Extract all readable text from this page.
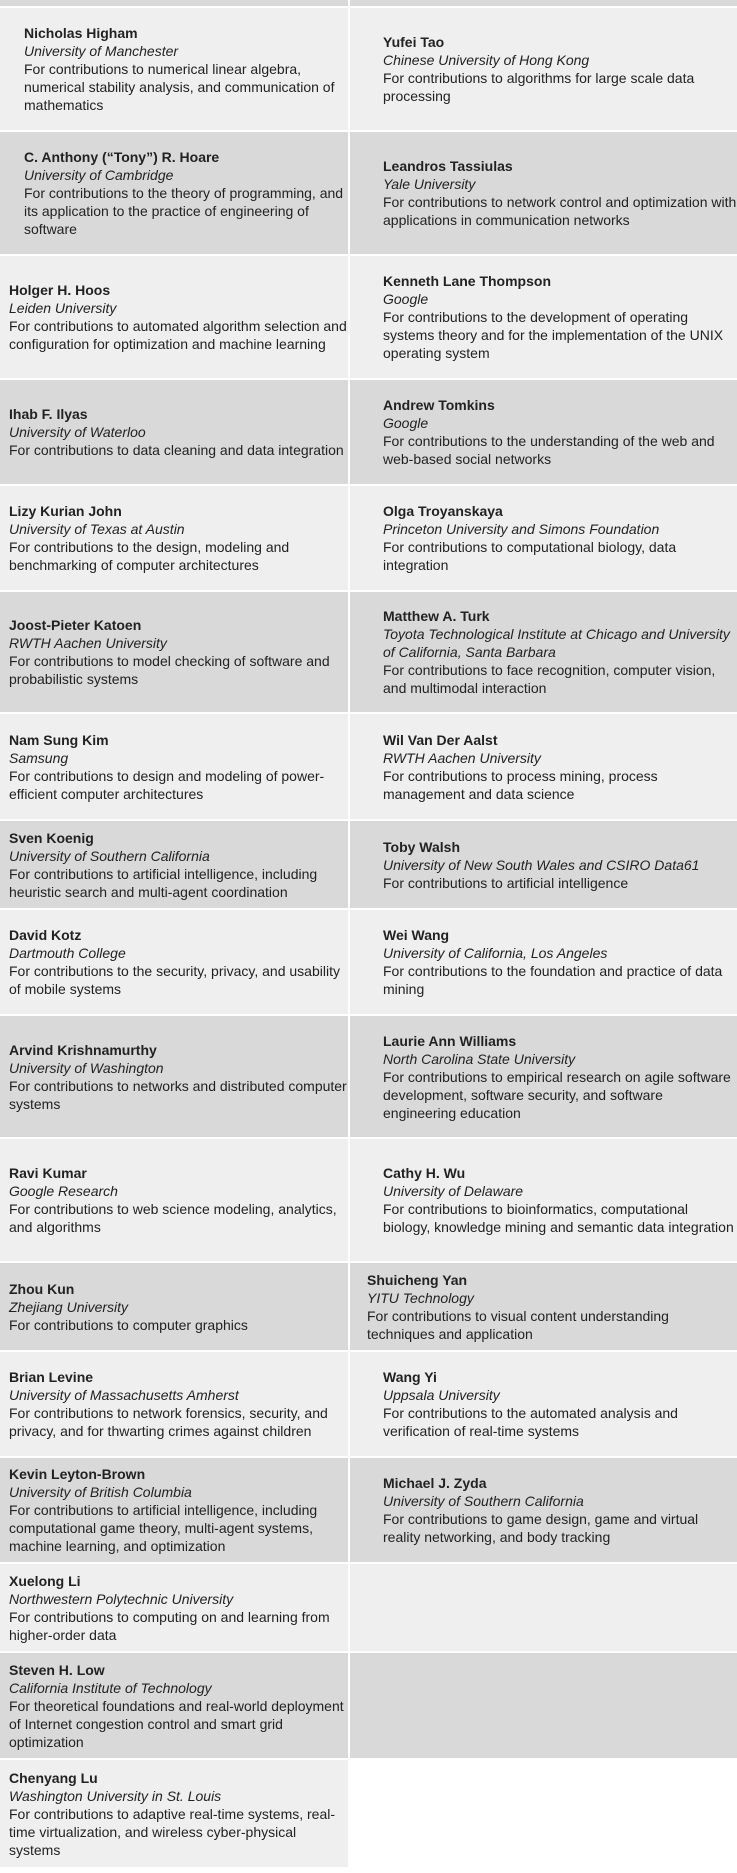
Nicholas Higham
University of Manchester
For contributions to numerical linear algebra, numerical stability analysis, and communication of mathematics
Yufei Tao
Chinese University of Hong Kong
For contributions to algorithms for large scale data processing
C. Anthony (“Tony”) R. Hoare
University of Cambridge
For contributions to the theory of programming, and its application to the practice of engineering of software
Leandros Tassiulas
Yale University
For contributions to network control and optimization with applications in communication networks
Holger H. Hoos
Leiden University
For contributions to automated algorithm selection and configuration for optimization and machine learning
Kenneth Lane Thompson
Google
For contributions to the development of operating systems theory and for the implementation of the UNIX operating system
Ihab F. Ilyas
University of Waterloo
For contributions to data cleaning and data integration
Andrew Tomkins
Google
For contributions to the understanding of the web and web-based social networks
Lizy Kurian John
University of Texas at Austin
For contributions to the design, modeling and benchmarking of computer architectures
Olga Troyanskaya
Princeton University and Simons Foundation
For contributions to computational biology, data integration
Joost-Pieter Katoen
RWTH Aachen University
For contributions to model checking of software and probabilistic systems
Matthew A. Turk
Toyota Technological Institute at Chicago and University of California, Santa Barbara
For contributions to face recognition, computer vision, and multimodal interaction
Nam Sung Kim
Samsung
For contributions to design and modeling of power-efficient computer architectures
Wil Van Der Aalst
RWTH Aachen University
For contributions to process mining, process management and data science
Sven Koenig
University of Southern California
For contributions to artificial intelligence, including heuristic search and multi-agent coordination
Toby Walsh
University of New South Wales and CSIRO Data61
For contributions to artificial intelligence
David Kotz
Dartmouth College
For contributions to the security, privacy, and usability of mobile systems
Wei Wang
University of California, Los Angeles
For contributions to the foundation and practice of data mining
Arvind Krishnamurthy
University of Washington
For contributions to networks and distributed computer systems
Laurie Ann Williams
North Carolina State University
For contributions to empirical research on agile software development, software security, and software engineering education
Ravi Kumar
Google Research
For contributions to web science modeling, analytics, and algorithms
Cathy H. Wu
University of Delaware
For contributions to bioinformatics, computational biology, knowledge mining and semantic data integration
Zhou Kun
Zhejiang University
For contributions to computer graphics
Shuicheng Yan
YITU Technology
For contributions to visual content understanding techniques and application
Brian Levine
University of Massachusetts Amherst
For contributions to network forensics, security, and privacy, and for thwarting crimes against children
Wang Yi
Uppsala University
For contributions to the automated analysis and verification of real-time systems
Kevin Leyton-Brown
University of British Columbia
For contributions to artificial intelligence, including computational game theory, multi-agent systems, machine learning, and optimization
Michael J. Zyda
University of Southern California
For contributions to game design, game and virtual reality networking, and body tracking
Xuelong Li
Northwestern Polytechnic University
For contributions to computing on and learning from higher-order data
Steven H. Low
California Institute of Technology
For theoretical foundations and real-world deployment of Internet congestion control and smart grid optimization
Chenyang Lu
Washington University in St. Louis
For contributions to adaptive real-time systems, real-time virtualization, and wireless cyber-physical systems
